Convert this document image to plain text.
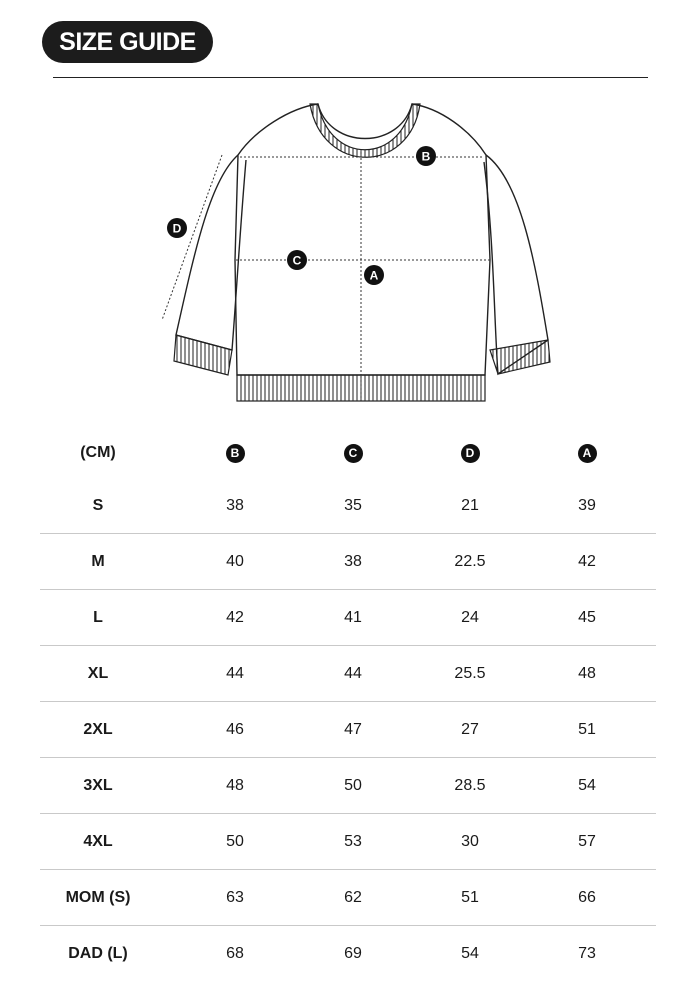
SIZE GUIDE
B
C
A
D
(CM)	B	C	D	A
S	38	35	21	39
M	40	38	22.5	42
L	42	41	24	45
XL	44	44	25.5	48
2XL	46	47	27	51
3XL	48	50	28.5	54
4XL	50	53	30	57
MOM (S)	63	62	51	66
DAD (L)	68	69	54	73
